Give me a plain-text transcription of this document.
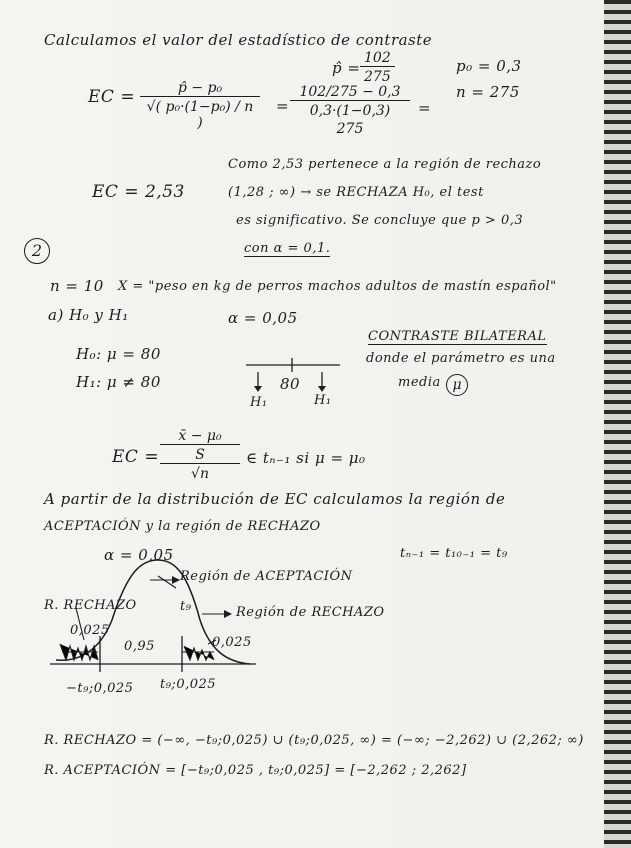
Calculamos el valor del estadístico de contraste
p̂ = $\frac{102}{275}$	p₀ = 0,3
n = 275
EC = $\frac{\text{p̂ − p₀}}{\text{√( p₀·(1−p₀) / n )}}$ =
102/275 − 0,3
0,3·(1−0,3)
275
=
EC = 2,53
Como 2,53 pertenece a la región de rechazo
(1,28 ; ∞) → se RECHAZA H₀, el test
es significativo. Se concluye que p > 0,3
con α = 0,1.
2
n = 10 X = "peso en kg de perros machos adultos de mastín español"
a) H₀ y H₁	α = 0,05
H₀: μ = 80
H₁: μ ≠ 80	80
H₁	H₁
CONTRASTE BILATERAL
donde el parámetro es una
media μ
EC =
x̄ − μ₀
S
√n
∈ tₙ₋₁ si μ = μ₀
A partir de la distribución de EC calculamos la región de
ACEPTACIÓN y la región de RECHAZO
α = 0,05	tₙ₋₁ = t₁₀₋₁ = t₉
Región de ACEPTACIÓN
Región de RECHAZO
R. RECHAZO
0,025
0,025
0,95
t₉
−t₉;0,025 t₉;0,025
R. RECHAZO = (−∞, −t₉;0,025) ∪ (t₉;0,025, ∞) = (−∞; −2,262) ∪ (2,262; ∞)
R. ACEPTACIÓN = [−t₉;0,025 , t₉;0,025] = [−2,262 ; 2,262]
